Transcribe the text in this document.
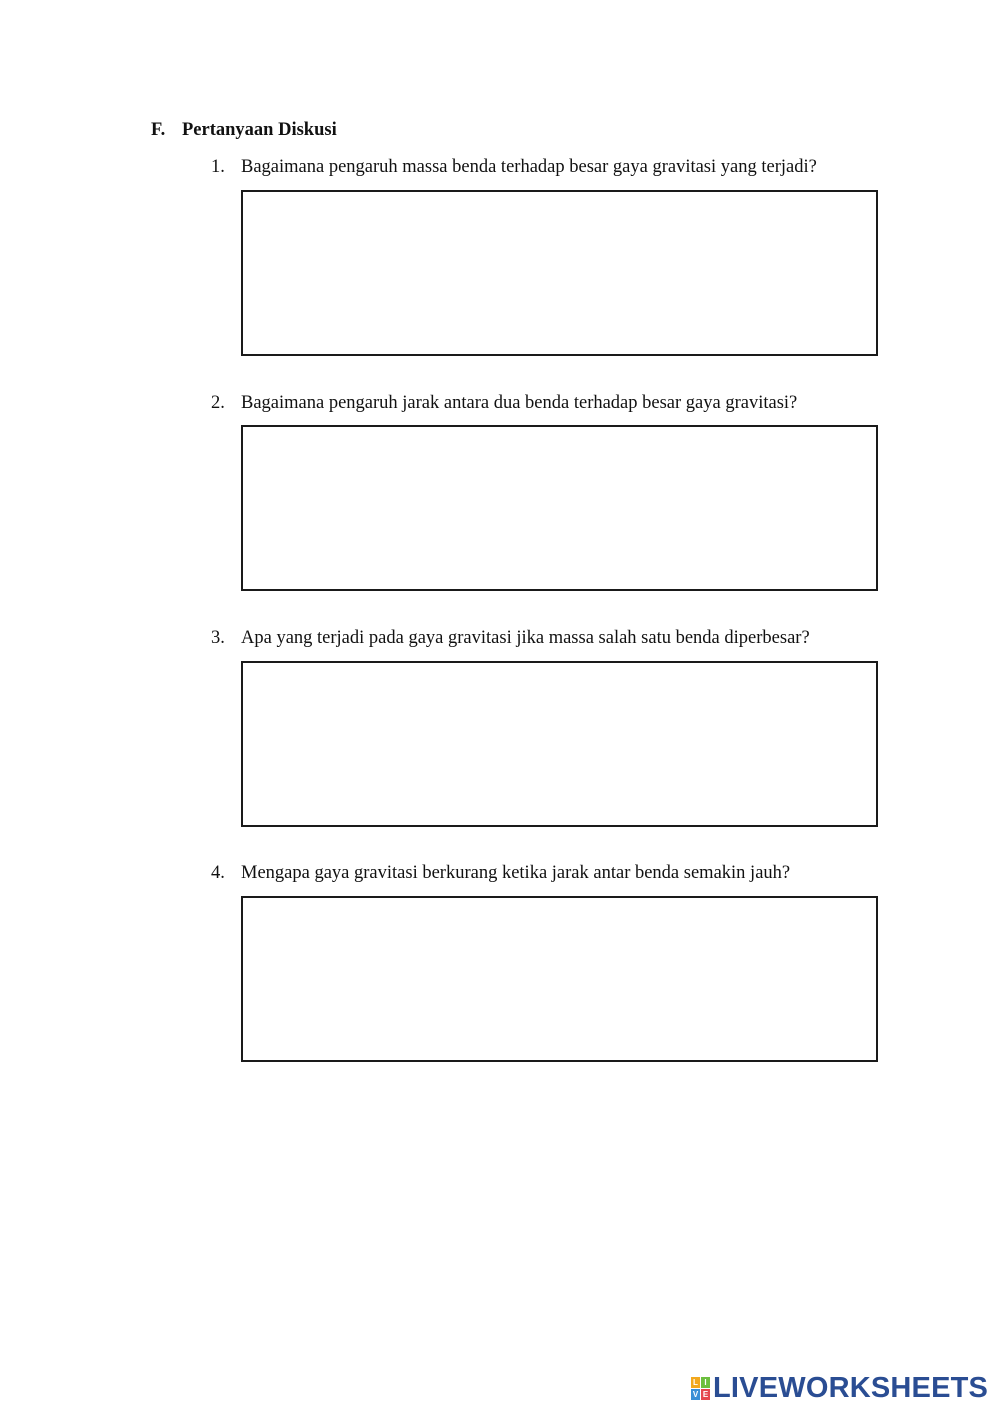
F. Pertanyaan Diskusi
1. Bagaimana pengaruh massa benda terhadap besar gaya gravitasi yang terjadi?
2. Bagaimana pengaruh jarak antara dua benda terhadap besar gaya gravitasi?
3. Apa yang terjadi pada gaya gravitasi jika massa salah satu benda diperbesar?
4. Mengapa gaya gravitasi berkurang ketika jarak antar benda semakin jauh?
L I
V E LIVEWORKSHEETS
